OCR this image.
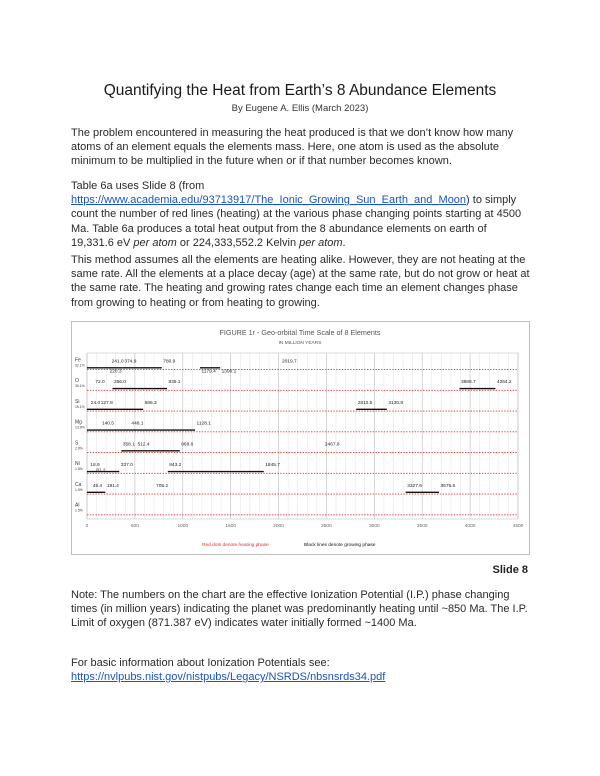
Quantifying the Heat from Earth’s 8 Abundance Elements
By Eugene A. Ellis (March 2023)
The problem encountered in measuring the heat produced is that we don’t know how many atoms of an element equals the elements mass. Here, one atom is used as the absolute minimum to be multiplied in the future when or if that number becomes known.
Table 6a uses Slide 8 (from https://www.academia.edu/93713917/The_Ionic_Growing_Sun_Earth_and_Moon) to simply count the number of red lines (heating) at the various phase changing points starting at 4500 Ma. Table 6a produces a total heat output from the 8 abundance elements on earth of 19,331.6 eV per atom or 224,333,552.2 Kelvin per atom.
This method assumes all the elements are heating alike. However, they are not heating at the same rate. All the elements at a place decay (age) at the same rate, but do not grow or heat at the same rate. The heating and growing rates change each time an element changes phase from growing to heating or from heating to growing.
FIGURE 1r - Geo-orbital Time Scale of 8 Elements
IN MILLION YEARS
0	500	1000	1500	2000	2500	3000	3500	4000	4500
Fe
32.1%
241.0 374.9	780.9	2019.7
220.3	1179.4 1390.1
O
30.1%
72.0 266.0	835.1	3888.7	4264.2
Si
15.1%
24.0 127.8	586.3	2810.5	3130.8
Mg
13.9%
140.5	448.1	1128.1
S
2.9%
358.1 512.4	968.6	2467.8
Ni
1.8%
18.9
81.2
337.0	843.2	1845.7
Ca
1.5%
45.4 191.4	705.2	3327.6	3675.5
Al
1.5%
Red dots denote heating phase	Black lines denote growing phase
Slide 8
Note: The numbers on the chart are the effective Ionization Potential (I.P.) phase changing times (in million years) indicating the planet was predominantly heating until ~850 Ma. The I.P. Limit of oxygen (871.387 eV) indicates water initially formed ~1400 Ma.
For basic information about Ionization Potentials see:
https://nvlpubs.nist.gov/nistpubs/Legacy/NSRDS/nbsnsrds34.pdf
